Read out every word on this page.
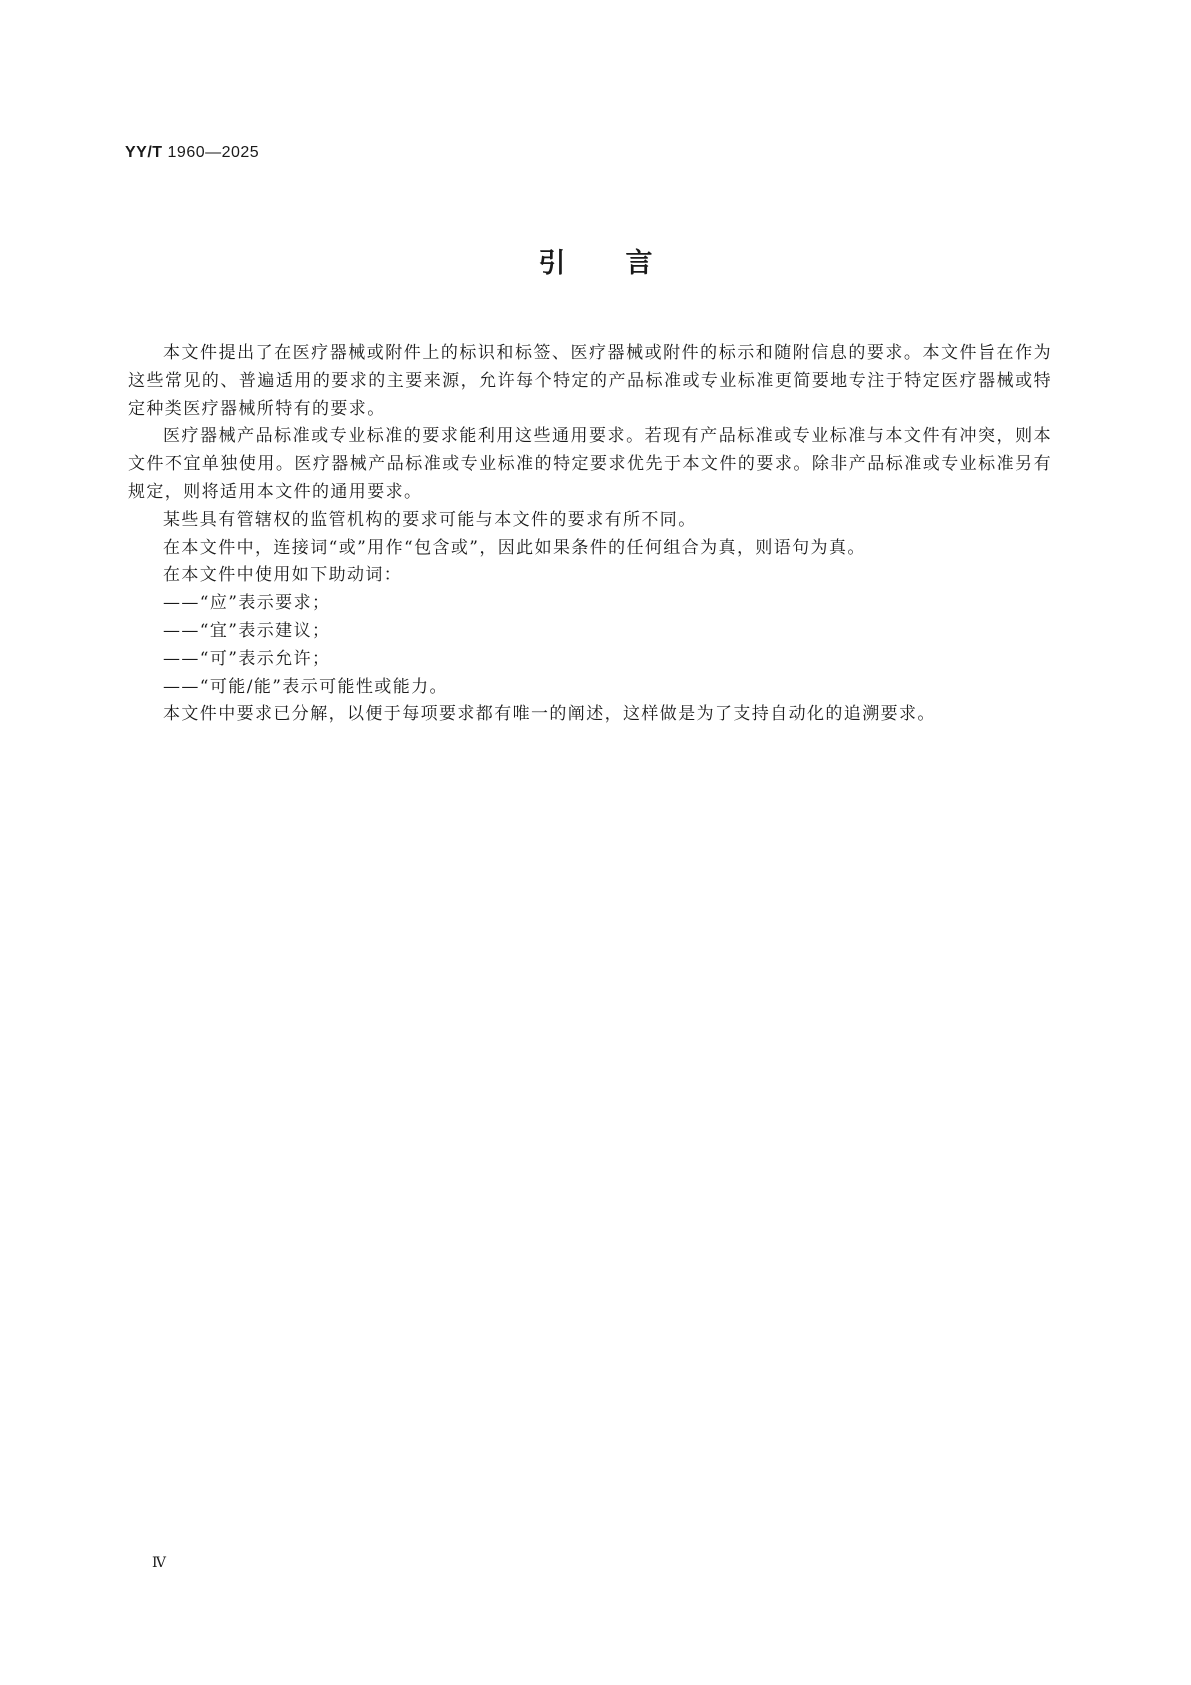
YY/T 1960—2025
引言

本文件提出了在医疗器械或附件上的标识和标签、医疗器械或附件的标示和随附信息的要求。本文件旨在作为这些常见的、普遍适用的要求的主要来源，允许每个特定的产品标准或专业标准更简要地专注于特定医疗器械或特定种类医疗器械所特有的要求。

医疗器械产品标准或专业标准的要求能利用这些通用要求。若现有产品标准或专业标准与本文件有冲突，则本文件不宜单独使用。医疗器械产品标准或专业标准的特定要求优先于本文件的要求。除非产品标准或专业标准另有规定，则将适用本文件的通用要求。

某些具有管辖权的监管机构的要求可能与本文件的要求有所不同。

在本文件中，连接词“或”用作“包含或”，因此如果条件的任何组合为真，则语句为真。

在本文件中使用如下助动词：

——“应”表示要求；

——“宜”表示建议；

——“可”表示允许；

——“可能/能”表示可能性或能力。

本文件中要求已分解，以便于每项要求都有唯一的阐述，这样做是为了支持自动化的追溯要求。

Ⅳ
